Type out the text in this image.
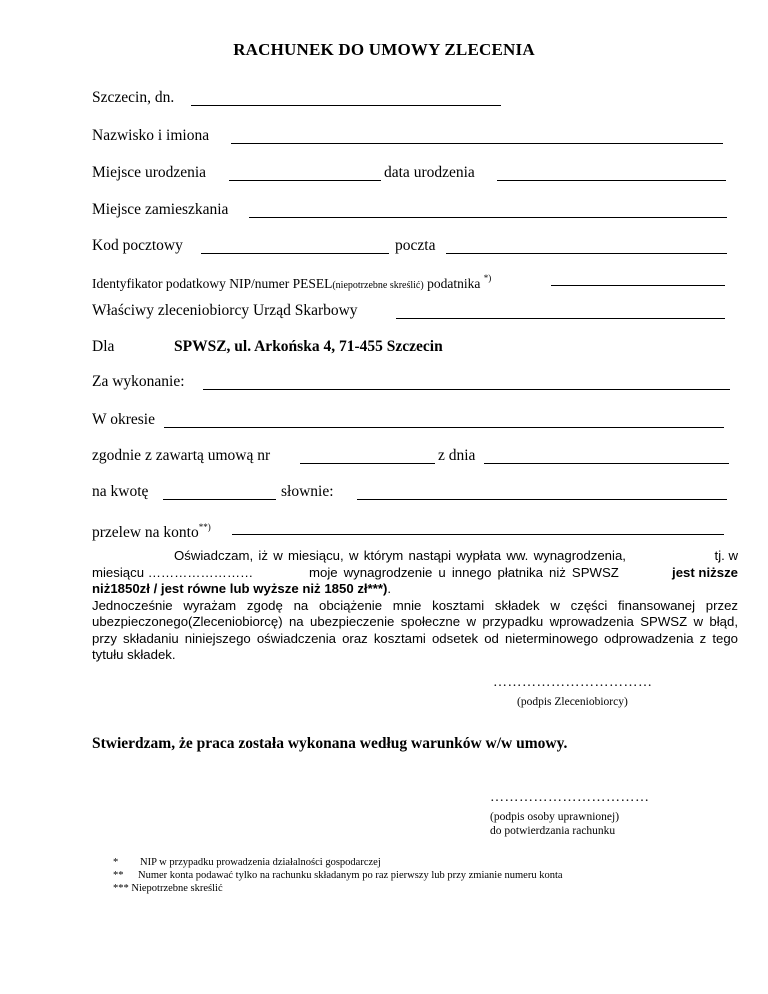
RACHUNEK DO UMOWY ZLECENIA
Szczecin, dn.
Nazwisko i imiona
Miejsce urodzenia	data urodzenia
Miejsce zamieszkania
Kod pocztowy	poczta
Identyfikator podatkowy NIP/numer PESEL(niepotrzebne skreślić) podatnika *)
Właściwy zleceniobiorcy Urząd Skarbowy
Dla	SPWSZ, ul. Arkońska 4, 71-455 Szczecin
Za wykonanie:
W okresie
zgodnie z zawartą umową nr	z dnia
na kwotę	słownie:
przelew na konto**)
Oświadczam, iż w miesiącu, w którym nastąpi wypłata ww. wynagrodzenia,	tj. w
miesiącu ……………………	moje wynagrodzenie u innego płatnika niż SPWSZ	jest niższe
niż1850zł / jest równe lub wyższe niż 1850 zł***).
Jednocześnie wyrażam zgodę na obciążenie mnie kosztami składek w części finansowanej przez ubezpieczonego(Zleceniobiorcę) na ubezpieczenie społeczne w przypadku wprowadzenia SPWSZ w błąd, przy składaniu niniejszego oświadczenia oraz kosztami odsetek od nieterminowego odprowadzenia z tego tytułu składek.
……………………………
(podpis Zleceniobiorcy)
Stwierdzam, że praca została wykonana według warunków w/w umowy.
……………………………
(podpis osoby uprawnionej)
do potwierdzania rachunku
* NIP w przypadku prowadzenia działalności gospodarczej
** Numer konta podawać tylko na rachunku składanym po raz pierwszy lub przy zmianie numeru konta
*** Niepotrzebne skreślić
